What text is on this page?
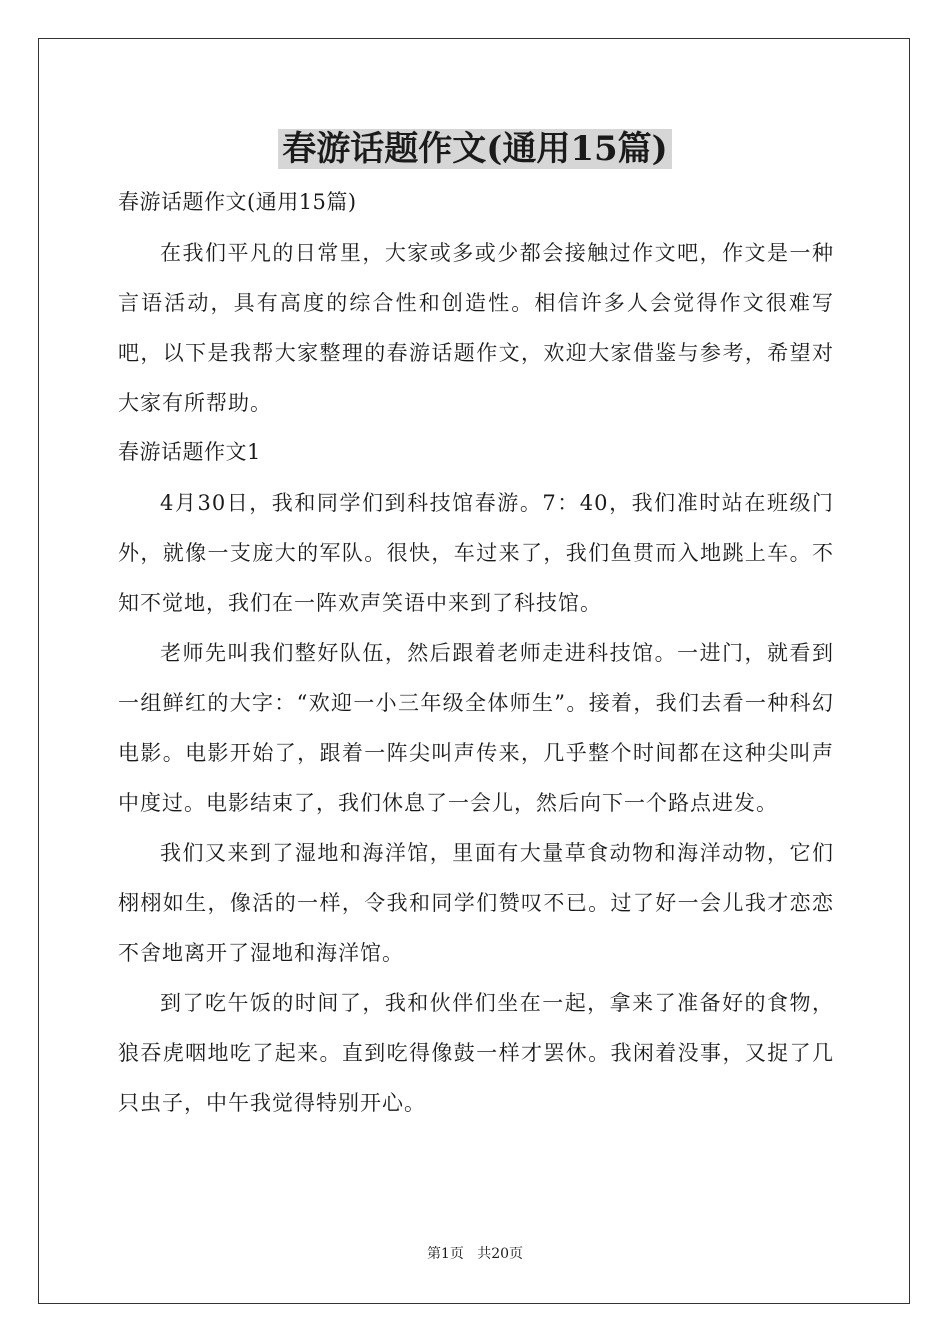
春游话题作文(通用15篇)

春游话题作文(通用15篇)

在我们平凡的日常里，大家或多或少都会接触过作文吧，作文是一种言语活动，具有高度的综合性和创造性。相信许多人会觉得作文很难写吧，以下是我帮大家整理的春游话题作文，欢迎大家借鉴与参考，希望对大家有所帮助。

春游话题作文1

4月30日，我和同学们到科技馆春游。7：40，我们准时站在班级门外，就像一支庞大的军队。很快，车过来了，我们鱼贯而入地跳上车。不知不觉地，我们在一阵欢声笑语中来到了科技馆。

老师先叫我们整好队伍，然后跟着老师走进科技馆。一进门，就看到一组鲜红的大字：“欢迎一小三年级全体师生”。接着，我们去看一种科幻电影。电影开始了，跟着一阵尖叫声传来，几乎整个时间都在这种尖叫声中度过。电影结束了，我们休息了一会儿，然后向下一个路点进发。

我们又来到了湿地和海洋馆，里面有大量草食动物和海洋动物，它们栩栩如生，像活的一样，令我和同学们赞叹不已。过了好一会儿我才恋恋不舍地离开了湿地和海洋馆。

到了吃午饭的时间了，我和伙伴们坐在一起，拿来了准备好的食物，狼吞虎咽地吃了起来。直到吃得像鼓一样才罢休。我闲着没事，又捉了几只虫子，中午我觉得特别开心。

第1页 共20页
